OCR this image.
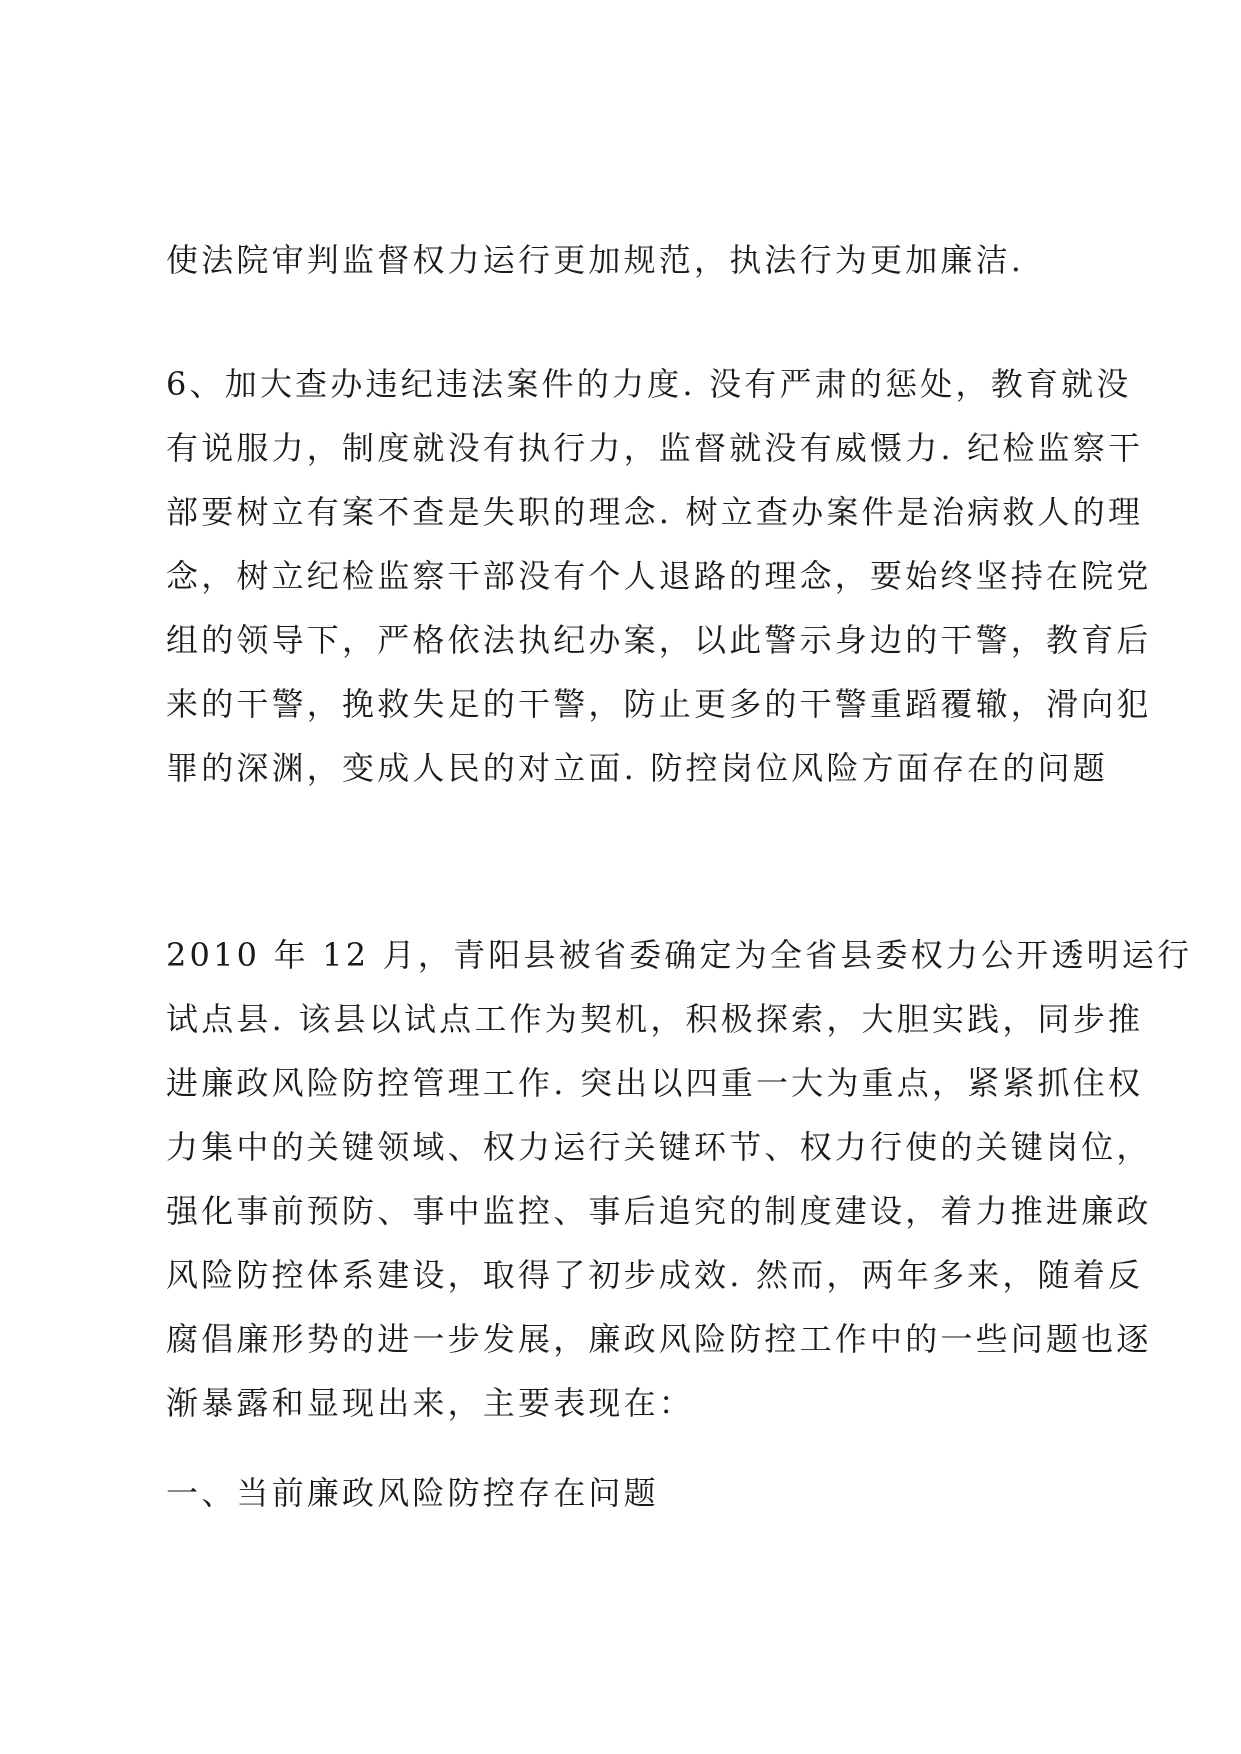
使法院审判监督权力运行更加规范，执法行为更加廉洁.
6、加大查办违纪违法案件的力度. 没有严肃的惩处，教育就没
有说服力，制度就没有执行力，监督就没有威慑力. 纪检监察干
部要树立有案不查是失职的理念. 树立查办案件是治病救人的理
念，树立纪检监察干部没有个人退路的理念，要始终坚持在院党
组的领导下，严格依法执纪办案，以此警示身边的干警，教育后
来的干警，挽救失足的干警，防止更多的干警重蹈覆辙，滑向犯
罪的深渊，变成人民的对立面. 防控岗位风险方面存在的问题
2010 年 12 月，青阳县被省委确定为全省县委权力公开透明运行
试点县. 该县以试点工作为契机，积极探索，大胆实践，同步推
进廉政风险防控管理工作. 突出以四重一大为重点，紧紧抓住权
力集中的关键领域、权力运行关键环节、权力行使的关键岗位，
强化事前预防、事中监控、事后追究的制度建设，着力推进廉政
风险防控体系建设，取得了初步成效. 然而，两年多来，随着反
腐倡廉形势的进一步发展，廉政风险防控工作中的一些问题也逐
渐暴露和显现出来，主要表现在：
一、当前廉政风险防控存在问题
